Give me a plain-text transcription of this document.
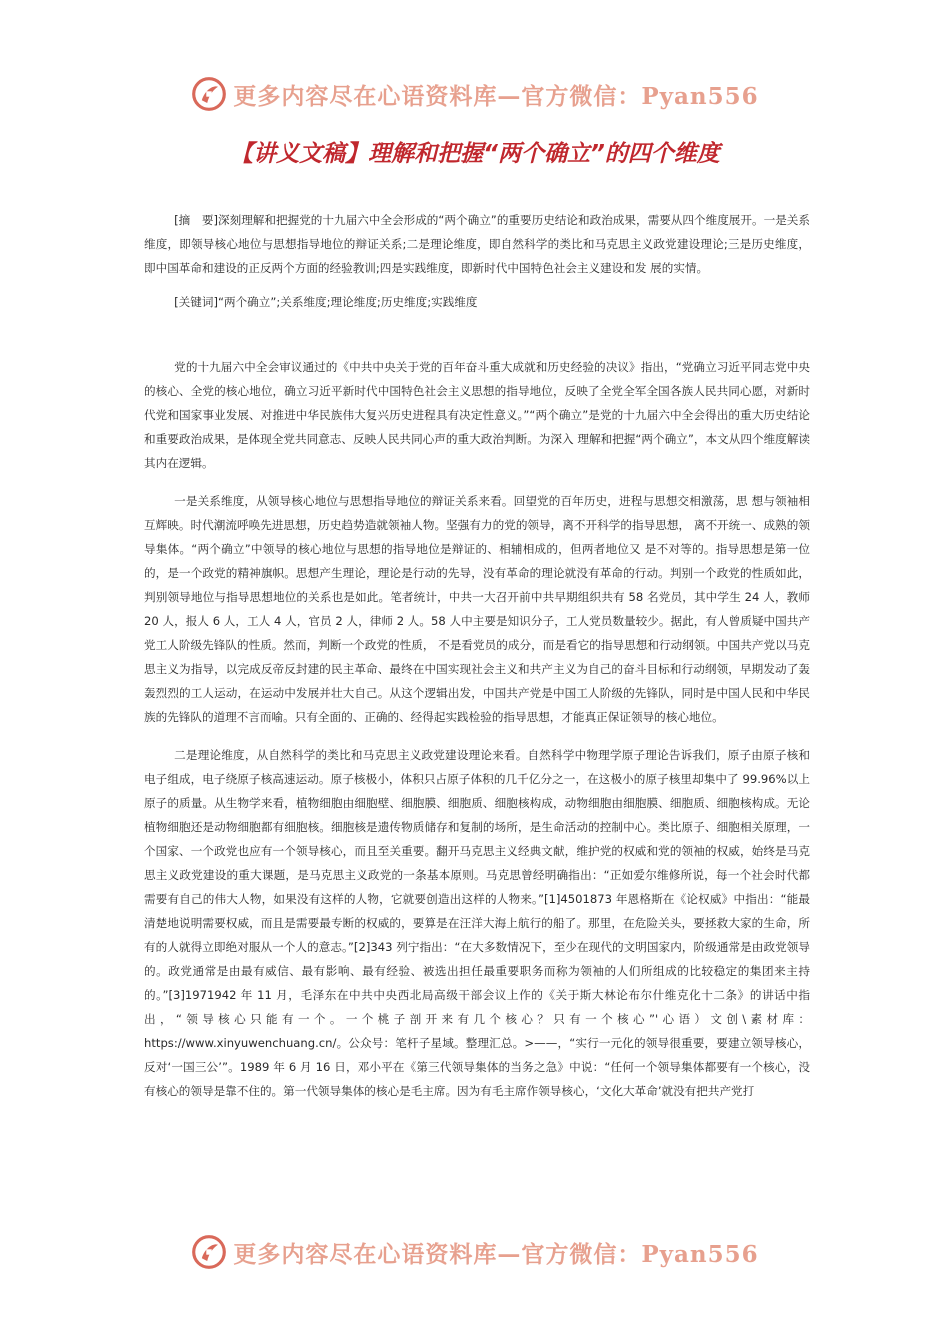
更多内容尽在心语资料库—官方微信：Pyan556
【讲义文稿】理解和把握“两个确立”的四个维度

[摘　要]深刻理解和把握党的十九届六中全会形成的“两个确立”的重要历史结论和政治成果，需要从四个维度展开。一是关系维度，即领导核心地位与思想指导地位的辩证关系;二是理论维度，即自然科学的类比和马克思主义政党建设理论;三是历史维度，即中国革命和建设的正反两个方面的经验教训;四是实践维度，即新时代中国特色社会主义建设和发 展的实情。

[关键词]“两个确立”;关系维度;理论维度;历史维度;实践维度

党的十九届六中全会审议通过的《中共中央关于党的百年奋斗重大成就和历史经验的决议》指出，“党确立习近平同志党中央的核心、全党的核心地位，确立习近平新时代中国特色社会主义思想的指导地位，反映了全党全军全国各族人民共同心愿，对新时代党和国家事业发展、对推进中华民族伟大复兴历史进程具有决定性意义。”“两个确立”是党的十九届六中全会得出的重大历史结论和重要政治成果，是体现全党共同意志、反映人民共同心声的重大政治判断。为深入 理解和把握“两个确立”，本文从四个维度解读其内在逻辑。

一是关系维度，从领导核心地位与思想指导地位的辩证关系来看。回望党的百年历史，进程与思想交相激荡，思 想与领袖相互辉映。时代潮流呼唤先进思想，历史趋势造就领袖人物。坚强有力的党的领导，离不开科学的指导思想， 离不开统一、成熟的领导集体。“两个确立”中领导的核心地位与思想的指导地位是辩证的、相辅相成的，但两者地位又 是不对等的。指导思想是第一位的，是一个政党的精神旗帜。思想产生理论，理论是行动的先导，没有革命的理论就没有革命的行动。判别一个政党的性质如此，判别领导地位与指导思想地位的关系也是如此。笔者统计，中共一大召开前中共早期组织共有 58 名党员，其中学生 24 人，教师 20 人，报人 6 人，工人 4 人，官员 2 人，律师 2 人。58 人中主要是知识分子，工人党员数量较少。据此，有人曾质疑中国共产党工人阶级先锋队的性质。然而，判断一个政党的性质， 不是看党员的成分，而是看它的指导思想和行动纲领。中国共产党以马克思主义为指导，以完成反帝反封建的民主革命、最终在中国实现社会主义和共产主义为自己的奋斗目标和行动纲领，早期发动了轰轰烈烈的工人运动，在运动中发展并壮大自己。从这个逻辑出发，中国共产党是中国工人阶级的先锋队，同时是中国人民和中华民族的先锋队的道理不言而喻。只有全面的、正确的、经得起实践检验的指导思想，才能真正保证领导的核心地位。

二是理论维度，从自然科学的类比和马克思主义政党建设理论来看。自然科学中物理学原子理论告诉我们，原子由原子核和电子组成，电子绕原子核高速运动。原子核极小，体积只占原子体积的几千亿分之一，在这极小的原子核里却集中了 99.96%以上原子的质量。从生物学来看，植物细胞由细胞壁、细胞膜、细胞质、细胞核构成，动物细胞由细胞膜、细胞质、细胞核构成。无论植物细胞还是动物细胞都有细胞核。细胞核是遗传物质储存和复制的场所，是生命活动的控制中心。类比原子、细胞相关原理，一个国家、一个政党也应有一个领导核心，而且至关重要。翻开马克思主义经典文献，维护党的权威和党的领袖的权威，始终是马克思主义政党建设的重大课题，是马克思主义政党的一条基本原则。马克思曾经明确指出：“正如爱尔维修所说，每一个社会时代都需要有自己的伟大人物，如果没有这样的人物，它就要创造出这样的人物来。”[1]4501873 年恩格斯在《论权威》中指出：“能最清楚地说明需要权威，而且是需要最专断的权威的，要算是在汪洋大海上航行的船了。那里，在危险关头，要拯救大家的生命，所有的人就得立即绝对服从一个人的意志。”[2]343 列宁指出：“在大多数情况下，至少在现代的文明国家内，阶级通常是由政党领导的。政党通常是由最有威信、最有影响、最有经验、被选出担任最重要职务而称为领袖的人们所组成的比较稳定的集团来主持的。”[3]1971942 年 11 月，毛泽东在中共中央西北局高级干部会议上作的《关于斯大林论布尔什维克化十二条》的讲话中指出，“领导核心只能有一个。一个桃子剖开来有几个核心？只有一个核心”'心语）文创\素材库：https://www.xinyuwenchuang.cn/。公众号：笔杆子星域。整理汇总。>——，“实行一元化的领导很重要，要建立领导核心，反对‘一国三公’”。1989 年 6 月 16 日，邓小平在《第三代领导集体的当务之急》中说：“任何一个领导集体都要有一个核心，没有核心的领导是靠不住的。第一代领导集体的核心是毛主席。因为有毛主席作领导核心，‘文化大革命’就没有把共产党打

更多内容尽在心语资料库—官方微信：Pyan556
